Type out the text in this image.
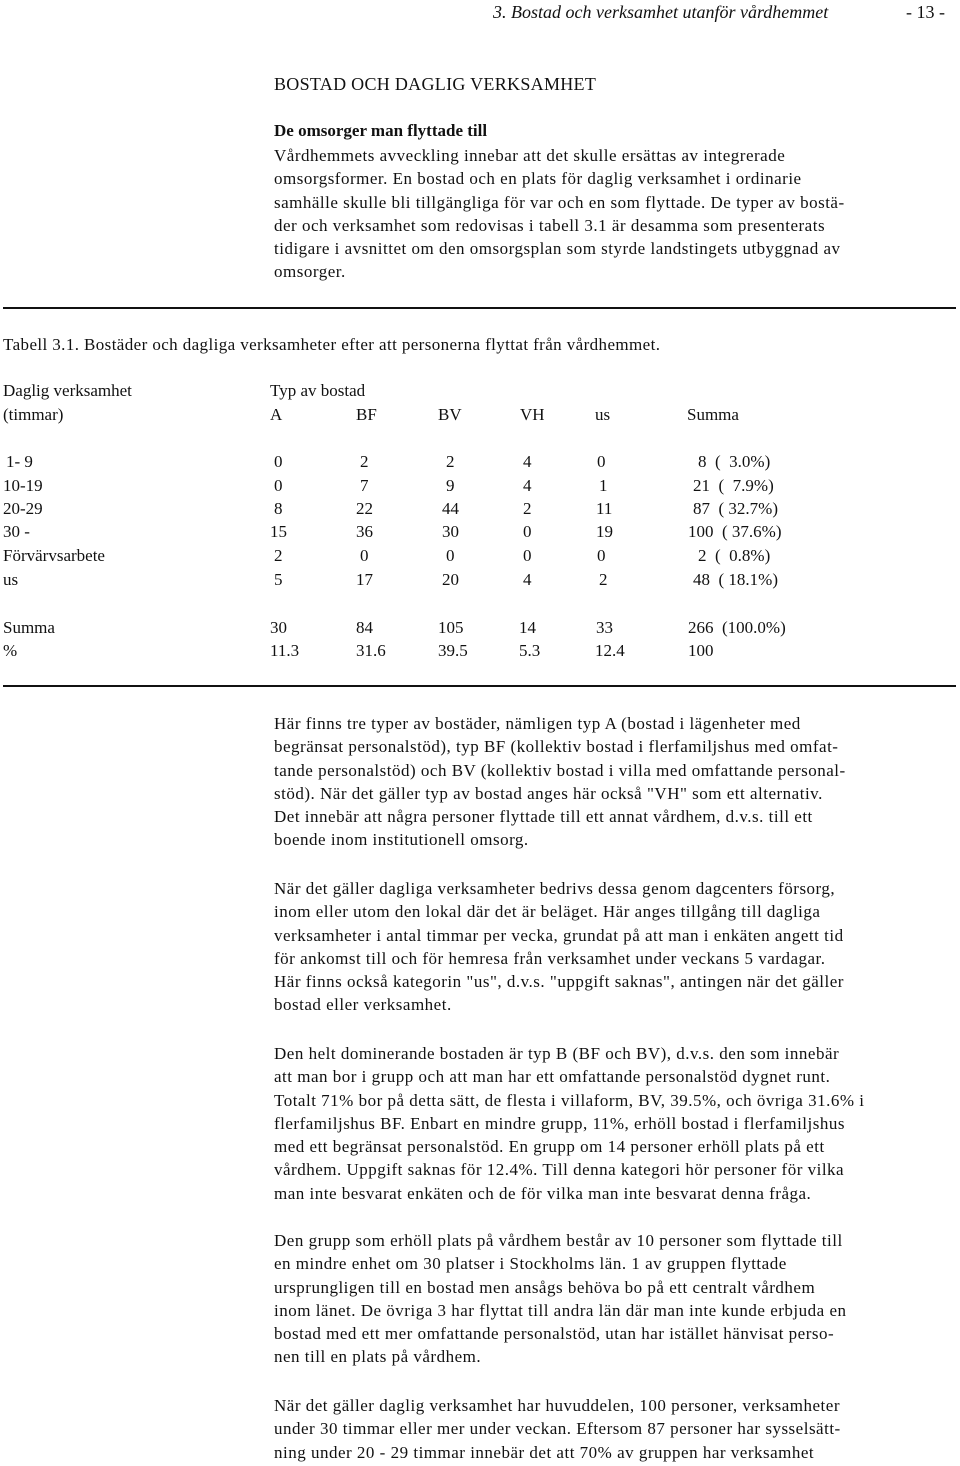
3. Bostad och verksamhet utanför vårdhemmet	- 13 -
BOSTAD OCH DAGLIG VERKSAMHET
De omsorger man flyttade till
Vårdhemmets avveckling innebar att det skulle ersättas av integrerade
omsorgsformer. En bostad och en plats för daglig verksamhet i ordinarie
samhälle skulle bli tillgängliga för var och en som flyttade. De typer av bostä-
der och verksamhet som redovisas i tabell 3.1 är desamma som presenterats
tidigare i avsnittet om den omsorgsplan som styrde landstingets utbyggnad av
omsorger.
Tabell 3.1. Bostäder och dagliga verksamheter efter att personerna flyttat från vårdhemmet.
Daglig verksamhet
(timmar)
Typ av bostad
A	BF	BV	VH	us	Summa
1- 9	0	2	2	4	0	8  (  3.0%)
10-19	0	7	9	4	1	21  (  7.9%)
20-29	8	22	44	2	11	87  ( 32.7%)
30 -	15	36	30	0	19	100  ( 37.6%)
Förvärvsarbete	2	0	0	0	0	2  (  0.8%)
us	5	17	20	4	2	48  ( 18.1%)
Summa	30	84	105	14	33	266  (100.0%)
%	11.3	31.6	39.5	5.3	12.4	100
Här finns tre typer av bostäder, nämligen typ A (bostad i lägenheter med
begränsat personalstöd), typ BF (kollektiv bostad i flerfamiljshus med omfat-
tande personalstöd) och BV (kollektiv bostad i villa med omfattande personal-
stöd). När det gäller typ av bostad anges här också "VH" som ett alternativ.
Det innebär att några personer flyttade till ett annat vårdhem, d.v.s. till ett
boende inom institutionell omsorg.
När det gäller dagliga verksamheter bedrivs dessa genom dagcenters försorg,
inom eller utom den lokal där det är beläget. Här anges tillgång till dagliga
verksamheter i antal timmar per vecka, grundat på att man i enkäten angett tid
för ankomst till och för hemresa från verksamhet under veckans 5 vardagar.
Här finns också kategorin "us", d.v.s. "uppgift saknas", antingen när det gäller
bostad eller verksamhet.
Den helt dominerande bostaden är typ B (BF och BV), d.v.s. den som innebär
att man bor i grupp och att man har ett omfattande personalstöd dygnet runt.
Totalt 71% bor på detta sätt, de flesta i villaform, BV, 39.5%, och övriga 31.6% i
flerfamiljshus BF. Enbart en mindre grupp, 11%, erhöll bostad i flerfamiljshus
med ett begränsat personalstöd. En grupp om 14 personer erhöll plats på ett
vårdhem. Uppgift saknas för 12.4%. Till denna kategori hör personer för vilka
man inte besvarat enkäten och de för vilka man inte besvarat denna fråga.
Den grupp som erhöll plats på vårdhem består av 10 personer som flyttade till
en mindre enhet om 30 platser i Stockholms län. 1 av gruppen flyttade
ursprungligen till en bostad men ansågs behöva bo på ett centralt vårdhem
inom länet. De övriga 3 har flyttat till andra län där man inte kunde erbjuda en
bostad med ett mer omfattande personalstöd, utan har istället hänvisat perso-
nen till en plats på vårdhem.
När det gäller daglig verksamhet har huvuddelen, 100 personer, verksamheter
under 30 timmar eller mer under veckan. Eftersom 87 personer har sysselsätt-
ning under 20 - 29 timmar innebär det att 70% av gruppen har verksamhet
